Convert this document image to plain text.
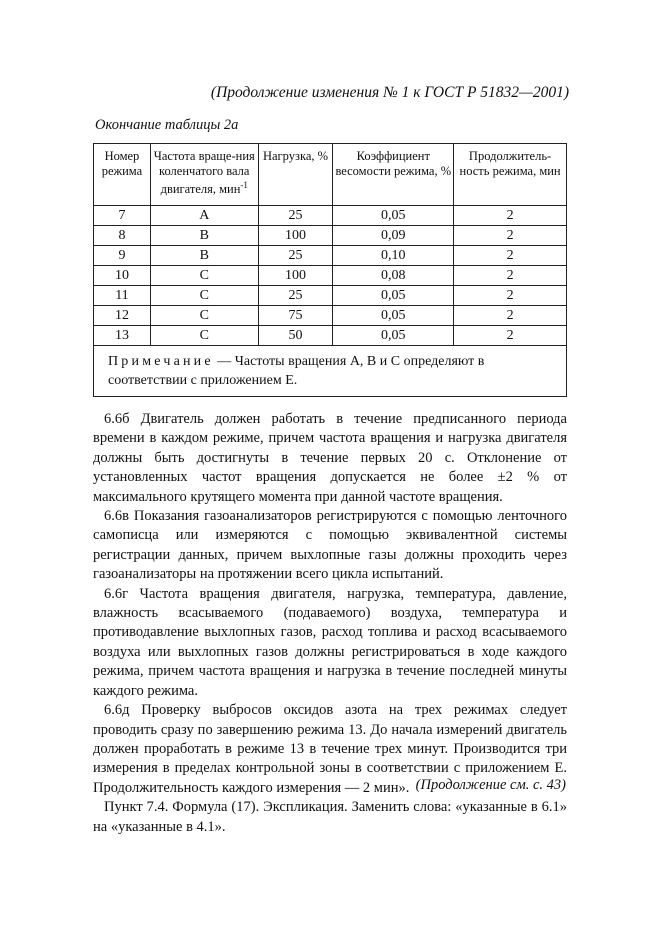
(Продолжение изменения № 1 к ГОСТ Р 51832—2001)
Окончание таблицы 2а
Номер режима	Частота враще-ния коленчатого вала двигателя, мин$^{-1}$	Нагрузка, %	Коэффициент весомости режима, %	Продолжитель-ность режима, мин
7	A	25	0,05	2
8	B	100	0,09	2
9	B	25	0,10	2
10	C	100	0,08	2
11	C	25	0,05	2
12	C	75	0,05	2
13	C	50	0,05	2
Примечание — Частоты вращения А, В и С определяют в соответствии с приложением Е.				

6.6б Двигатель должен работать в течение предписанного периода времени в каждом режиме, причем частота вращения и нагрузка двигателя должны быть достигнуты в течение первых 20 с. Отклонение от установленных частот вращения допускается не более ±2 % от максимального крутящего момента при данной частоте вращения.

6.6в Показания газоанализаторов регистрируются с помощью ленточного самописца или измеряются с помощью эквивалентной системы регистрации данных, причем выхлопные газы должны проходить через газоанализаторы на протяжении всего цикла испытаний.

6.6г Частота вращения двигателя, нагрузка, температура, давление, влажность всасываемого (подаваемого) воздуха, температура и противодавление выхлопных газов, расход топлива и расход всасываемого воздуха или выхлопных газов должны регистрироваться в ходе каждого режима, причем частота вращения и нагрузка в течение последней минуты каждого режима.

6.6д Проверку выбросов оксидов азота на трех режимах следует проводить сразу по завершению режима 13. До начала измерений двигатель должен проработать в режиме 13 в течение трех минут. Производится три измерения в пределах контрольной зоны в соответствии с приложением Е. Продолжительность каждого измерения — 2 мин».

Пункт 7.4. Формула (17). Экспликация. Заменить слова: «указанные в 6.1» на «указанные в 4.1».

(Продолжение см. с. 43)
